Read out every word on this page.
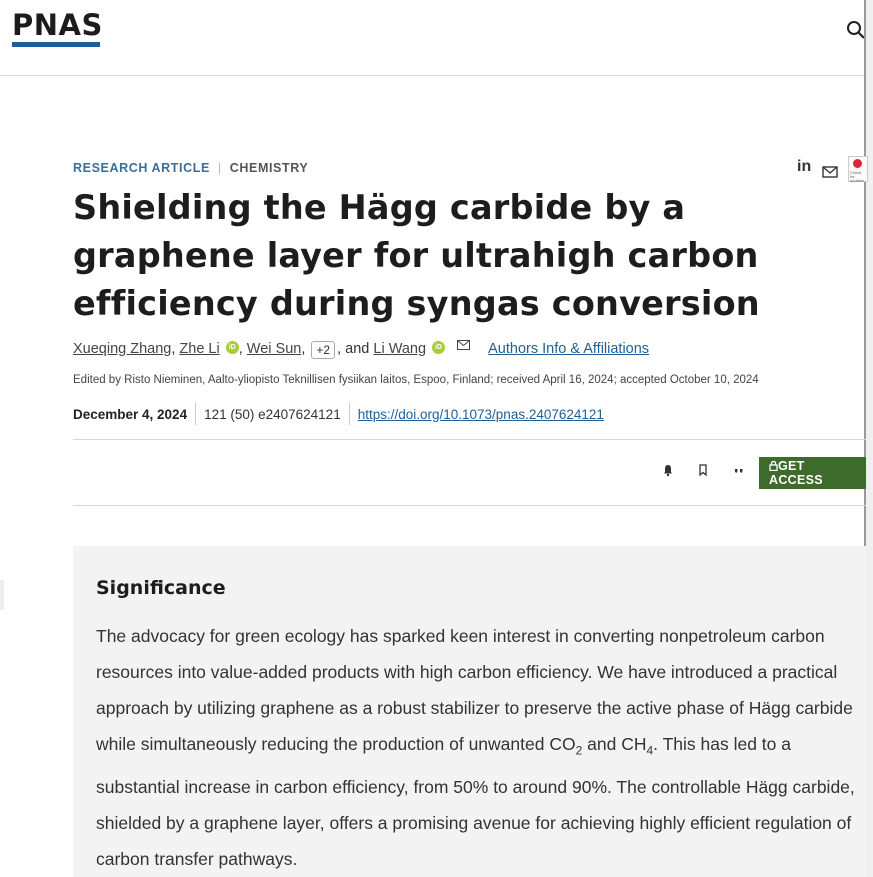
PNAS
RESEARCH ARTICLE | CHEMISTRY	in	Check for updates
Shielding the Hägg carbide by a graphene layer for ultrahigh carbon efficiency during syngas conversion
Xueqing Zhang, Zhe Li iD , Wei Sun, +2 , and Li Wang iD	Authors Info & Affiliations
Edited by Risto Nieminen, Aalto-yliopisto Teknillisen fysiikan laitos, Espoo, Finland; received April 16, 2024; accepted October 10, 2024
December 4, 2024 121 (50) e2407624121 https://doi.org/10.1073/pnas.2407624121
GET ACCESS
Significance

The advocacy for green ecology has sparked keen interest in converting nonpetroleum carbon resources into value-added products with high carbon efficiency. We have introduced a practical approach by utilizing graphene as a robust stabilizer to preserve the active phase of Hägg carbide while simultaneously reducing the production of unwanted $CO_2$ and $CH_4$. This has led to a substantial increase in carbon efficiency, from 50% to around 90%. The controllable Hägg carbide, shielded by a graphene layer, offers a promising avenue for achieving highly efficient regulation of carbon transfer pathways.
